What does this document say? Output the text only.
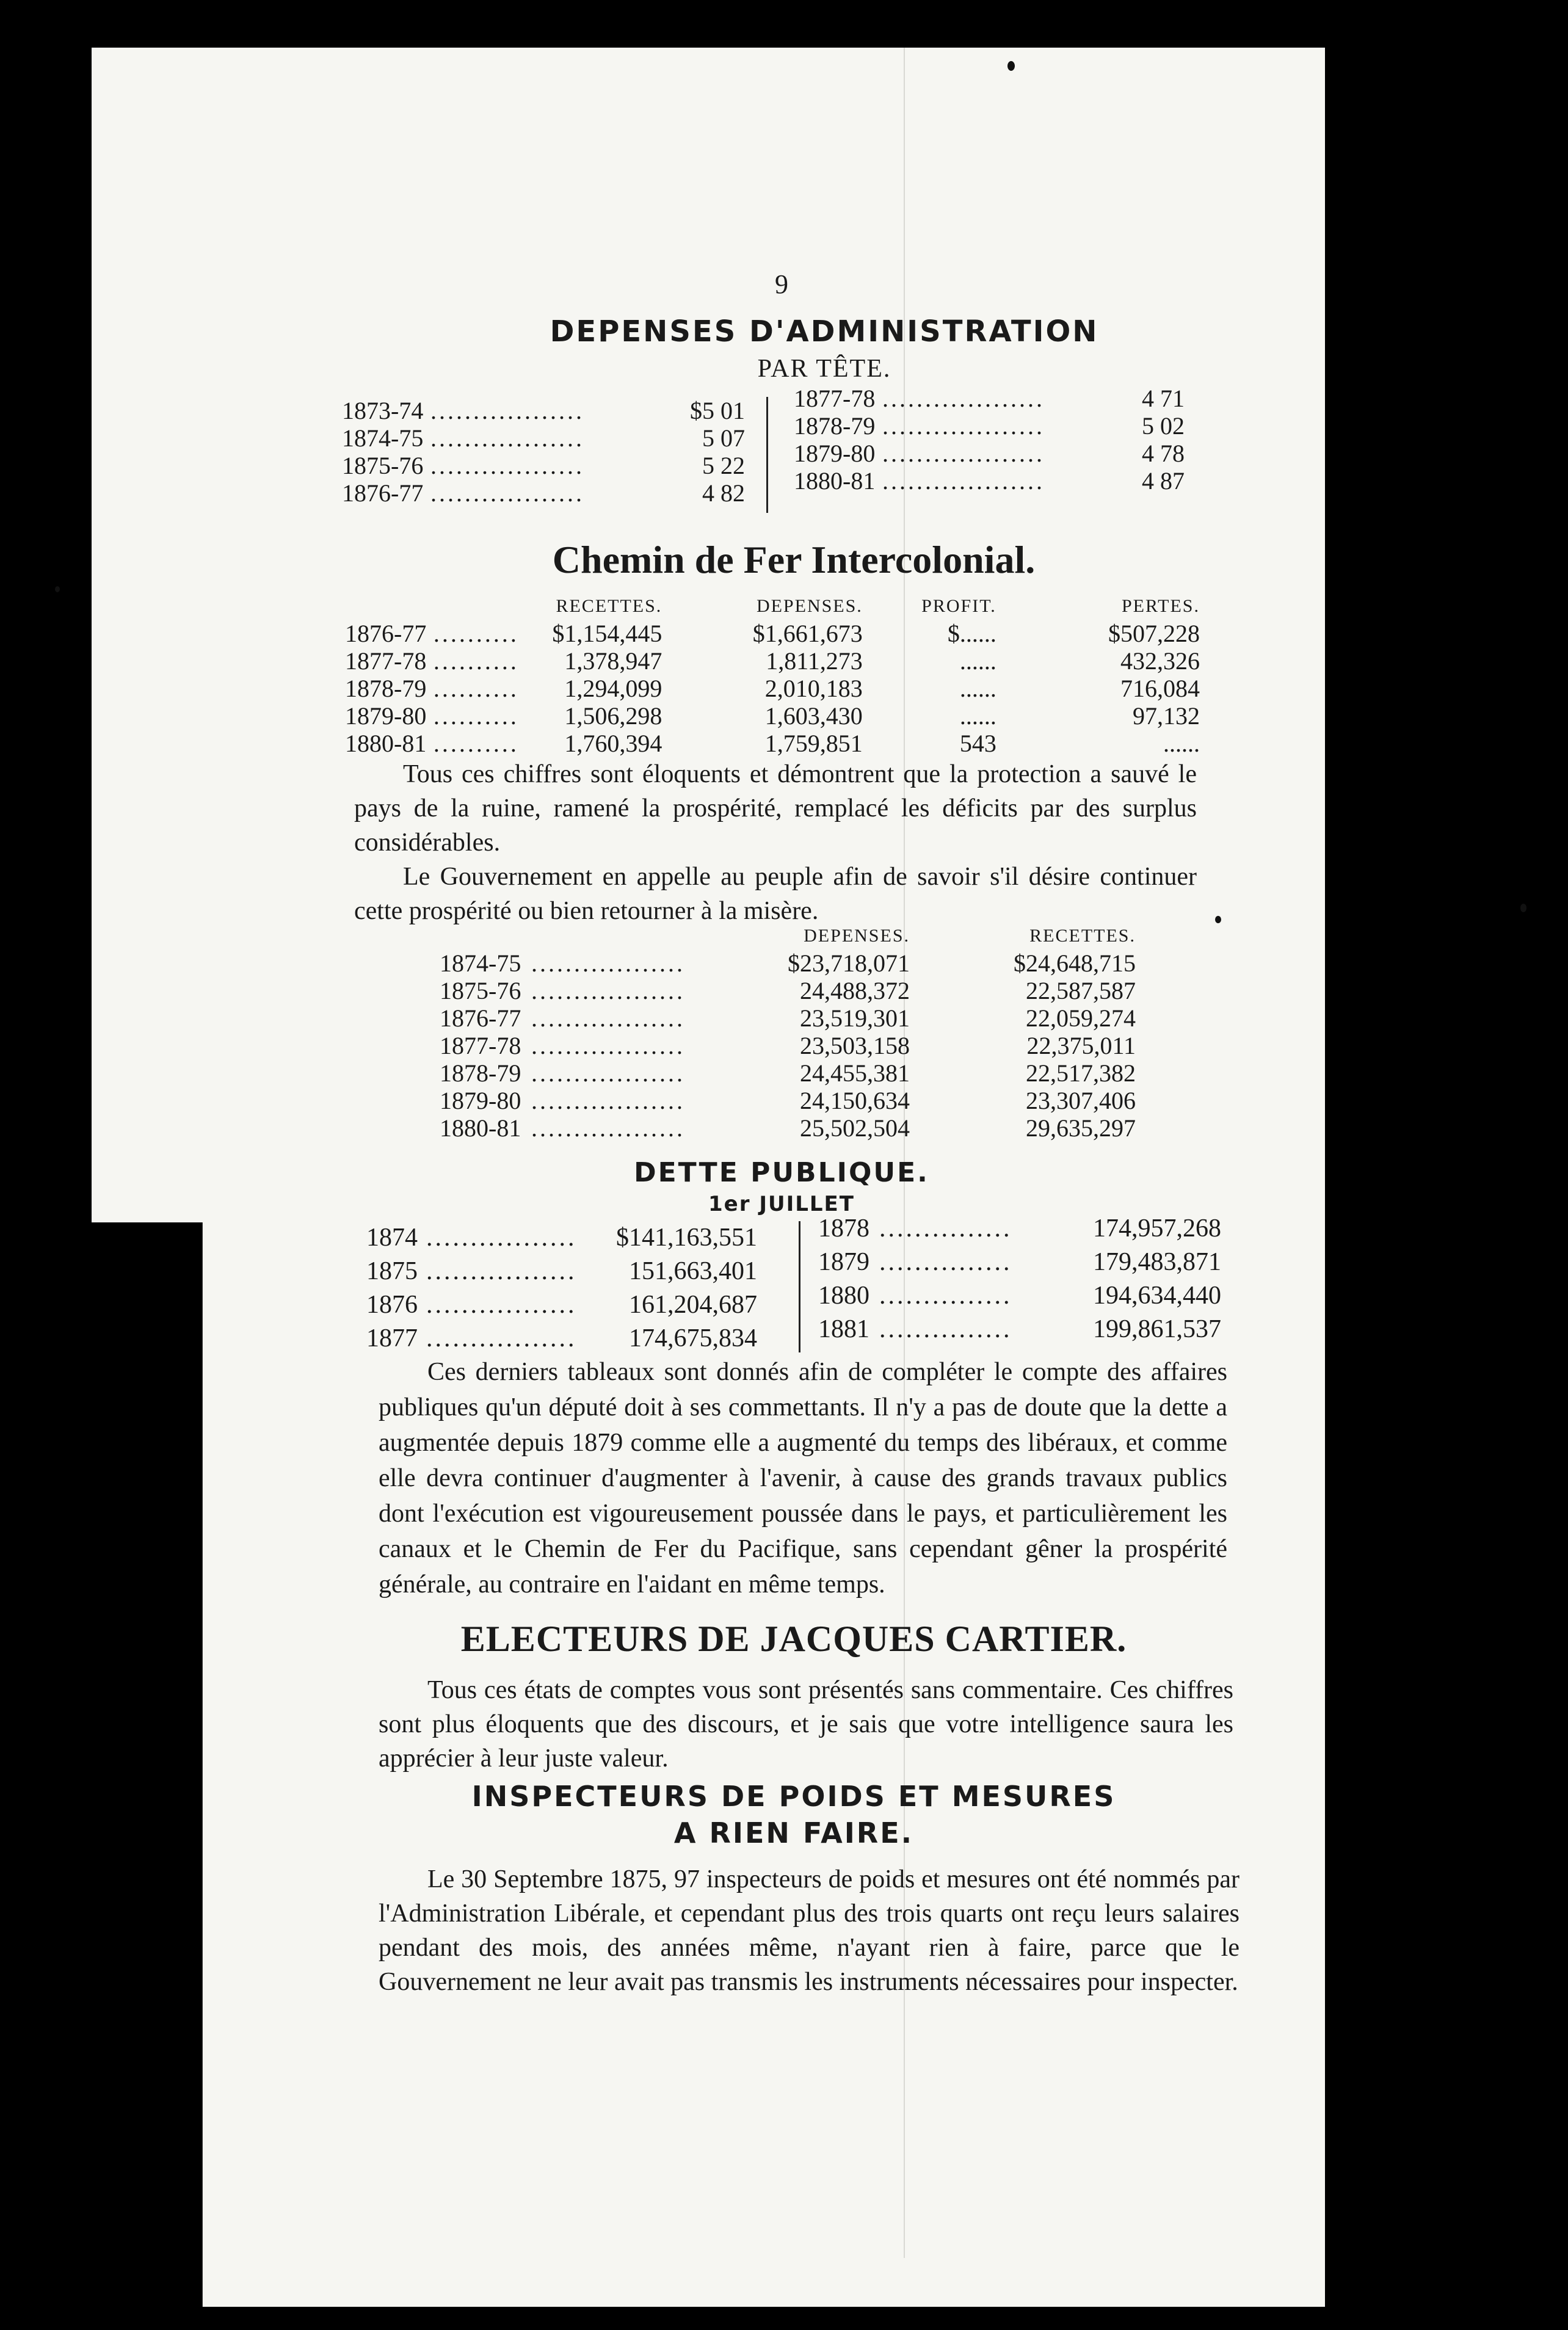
9
DEPENSES D'ADMINISTRATION
PAR TÊTE.
1873-74	..................	$5 01
1874-75	..................	5 07
1875-76	..................	5 22
1876-77	..................	4 82
1877-78	...................	4 71
1878-79	...................	5 02
1879-80	...................	4 78
1880-81	...................	4 87
Chemin de Fer Intercolonial.
		RECETTES.	DEPENSES.	PROFIT.	PERTES.
1876-77	..........	$1,154,445	$1,661,673	$......	$507,228
1877-78	..........	1,378,947	1,811,273	......	432,326
1878-79	..........	1,294,099	2,010,183	......	716,084
1879-80	..........	1,506,298	1,603,430	......	97,132
1880-81	..........	1,760,394	1,759,851	543	......
Tous ces chiffres sont éloquents et démontrent que la protection a sauvé le pays de la ruine, ramené la prospérité, remplacé les déficits par des surplus considérables.
Le Gouvernement en appelle au peuple afin de savoir s'il désire continuer cette prospérité ou bien retourner à la misère.
		DEPENSES.	RECETTES.
1874-75	..................	$23,718,071	$24,648,715
1875-76	..................	24,488,372	22,587,587
1876-77	..................	23,519,301	22,059,274
1877-78	..................	23,503,158	22,375,011
1878-79	..................	24,455,381	22,517,382
1879-80	..................	24,150,634	23,307,406
1880-81	..................	25,502,504	29,635,297
DETTE PUBLIQUE.
1er JUILLET
1874	.................	$141,163,551
1875	.................	151,663,401
1876	.................	161,204,687
1877	.................	174,675,834
1878	...............	174,957,268
1879	...............	179,483,871
1880	...............	194,634,440
1881	...............	199,861,537
Ces derniers tableaux sont donnés afin de compléter le compte des affaires publiques qu'un député doit à ses commettants. Il n'y a pas de doute que la dette a augmentée depuis 1879 comme elle a augmenté du temps des libéraux, et comme elle devra continuer d'augmenter à l'avenir, à cause des grands travaux publics dont l'exécution est vigoureusement poussée dans le pays, et particulièrement les canaux et le Chemin de Fer du Pacifique, sans cependant gêner la prospérité générale, au contraire en l'aidant en même temps.
ELECTEURS DE JACQUES CARTIER.
Tous ces états de comptes vous sont présentés sans commentaire. Ces chiffres sont plus éloquents que des discours, et je sais que votre intelligence saura les apprécier à leur juste valeur.
INSPECTEURS DE POIDS ET MESURES
A RIEN FAIRE.
Le 30 Septembre 1875, 97 inspecteurs de poids et mesures ont été nommés par l'Administration Libérale, et cependant plus des trois quarts ont reçu leurs salaires pendant des mois, des années même, n'ayant rien à faire, parce que le Gouvernement ne leur avait pas transmis les instruments nécessaires pour inspecter.
